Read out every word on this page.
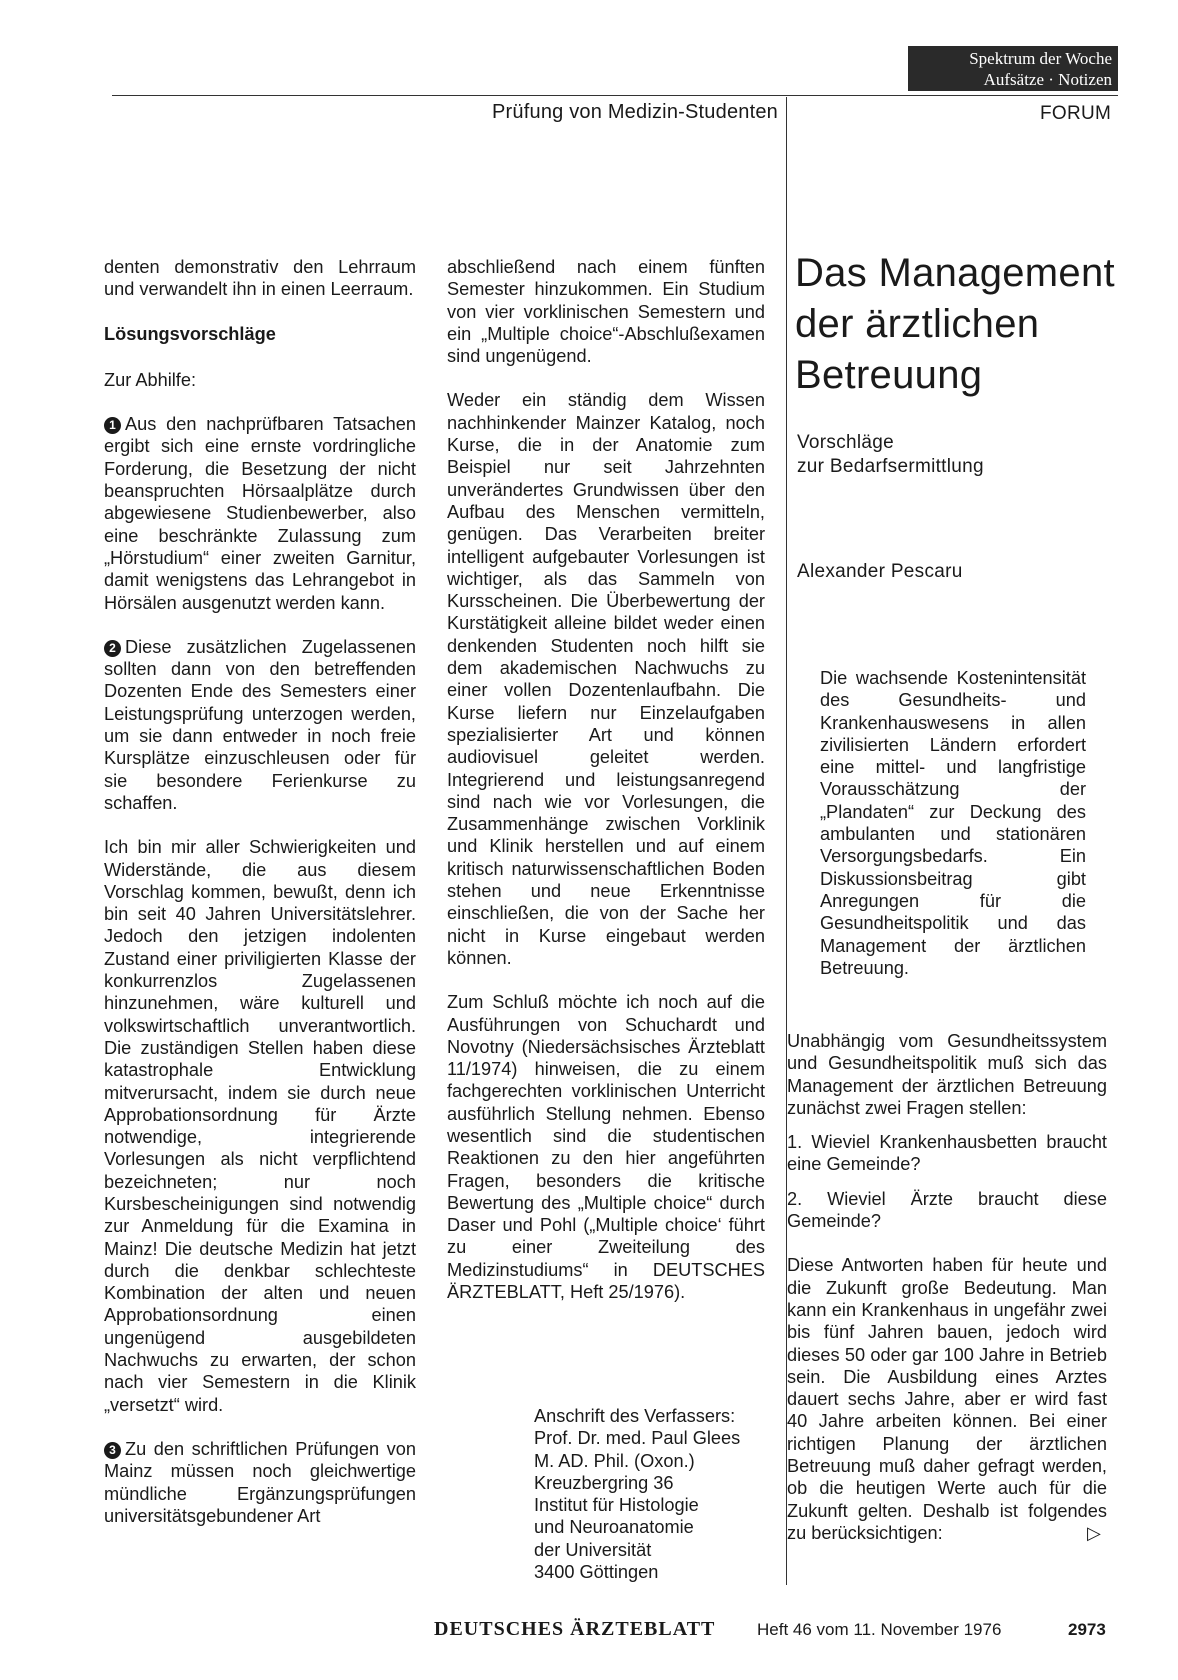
Spektrum der Woche
Aufsätze · Notizen
Prüfung von Medizin-Studenten	FORUM

denten demonstrativ den Lehrraum und verwandelt ihn in einen Leerraum.

Lösungsvorschläge

Zur Abhilfe:

1 Aus den nachprüfbaren Tatsachen ergibt sich eine ernste vordringliche Forderung, die Besetzung der nicht beanspruchten Hörsaalplätze durch abgewiesene Studienbewerber, also eine beschränkte Zulassung zum „Hörstudium“ einer zweiten Garnitur, damit wenigstens das Lehrangebot in Hörsälen ausgenutzt werden kann.

2 Diese zusätzlichen Zugelassenen sollten dann von den betreffenden Dozenten Ende des Semesters einer Leistungsprüfung unterzogen werden, um sie dann entweder in noch freie Kursplätze einzuschleusen oder für sie besondere Ferienkurse zu schaffen.

Ich bin mir aller Schwierigkeiten und Widerstände, die aus diesem Vorschlag kommen, bewußt, denn ich bin seit 40 Jahren Universitätslehrer. Jedoch den jetzigen indolenten Zustand einer priviligierten Klasse der konkurrenzlos Zugelassenen hinzunehmen, wäre kulturell und volkswirtschaftlich unverantwortlich. Die zuständigen Stellen haben diese katastrophale Entwicklung mitverursacht, indem sie durch neue Approbationsordnung für Ärzte notwendige, integrierende Vorlesungen als nicht verpflichtend bezeichneten; nur noch Kursbescheinigungen sind notwendig zur Anmeldung für die Examina in Mainz! Die deutsche Medizin hat jetzt durch die denkbar schlechteste Kombination der alten und neuen Approbationsordnung einen ungenügend ausgebildeten Nachwuchs zu erwarten, der schon nach vier Semestern in die Klinik „versetzt“ wird.

3 Zu den schriftlichen Prüfungen von Mainz müssen noch gleichwertige mündliche Ergänzungsprüfungen universitätsgebundener Art

abschließend nach einem fünften Semester hinzukommen. Ein Studium von vier vorklinischen Semestern und ein „Multiple choice“-Abschlußexamen sind ungenügend.

Weder ein ständig dem Wissen nachhinkender Mainzer Katalog, noch Kurse, die in der Anatomie zum Beispiel nur seit Jahrzehnten unverändertes Grundwissen über den Aufbau des Menschen vermitteln, genügen. Das Verarbeiten breiter intelligent aufgebauter Vorlesungen ist wichtiger, als das Sammeln von Kursscheinen. Die Überbewertung der Kurstätigkeit alleine bildet weder einen denkenden Studenten noch hilft sie dem akademischen Nachwuchs zu einer vollen Dozentenlaufbahn. Die Kurse liefern nur Einzelaufgaben spezialisierter Art und können audiovisuel geleitet werden. Integrierend und leistungsanregend sind nach wie vor Vorlesungen, die Zusammenhänge zwischen Vorklinik und Klinik herstellen und auf einem kritisch naturwissenschaftlichen Boden stehen und neue Erkenntnisse einschließen, die von der Sache her nicht in Kurse eingebaut werden können.

Zum Schluß möchte ich noch auf die Ausführungen von Schuchardt und Novotny (Niedersächsisches Ärzteblatt 11/1974) hinweisen, die zu einem fachgerechten vorklinischen Unterricht ausführlich Stellung nehmen. Ebenso wesentlich sind die studentischen Reaktionen zu den hier angeführten Fragen, besonders die kritische Bewertung des „Multiple choice“ durch Daser und Pohl („Multiple choice‘ führt zu einer Zweiteilung des Medizinstudiums“ in DEUTSCHES ÄRZTEBLATT, Heft 25/1976).

Anschrift des Verfassers:
Prof. Dr. med. Paul Glees
M. AD. Phil. (Oxon.)
Kreuzbergring 36
Institut für Histologie
und Neuroanatomie
der Universität
3400 Göttingen
Das Management
der ärztlichen
Betreuung
Vorschläge
zur Bedarfsermittlung
Alexander Pescaru
Die wachsende Kostenintensität des Gesundheits- und Krankenhauswesens in allen zivilisierten Ländern erfordert eine mittel- und langfristige Vorausschätzung der „Plandaten“ zur Deckung des ambulanten und stationären Versorgungsbedarfs. Ein Diskussionsbeitrag gibt Anregungen für die Gesundheitspolitik und das Management der ärztlichen Betreuung.

Unabhängig vom Gesundheitssystem und Gesundheitspolitik muß sich das Management der ärztlichen Betreuung zunächst zwei Fragen stellen:

1. Wieviel Krankenhausbetten braucht eine Gemeinde?

2. Wieviel Ärzte braucht diese Gemeinde?

Diese Antworten haben für heute und die Zukunft große Bedeutung. Man kann ein Krankenhaus in ungefähr zwei bis fünf Jahren bauen, jedoch wird dieses 50 oder gar 100 Jahre in Betrieb sein. Die Ausbildung eines Arztes dauert sechs Jahre, aber er wird fast 40 Jahre arbeiten können. Bei einer richtigen Planung der ärztlichen Betreuung muß daher gefragt werden, ob die heutigen Werte auch für die Zukunft gelten. Deshalb ist folgendes zu berücksichtigen:	▷

DEUTSCHES ÄRZTEBLATT Heft 46 vom 11. November 1976	2973
